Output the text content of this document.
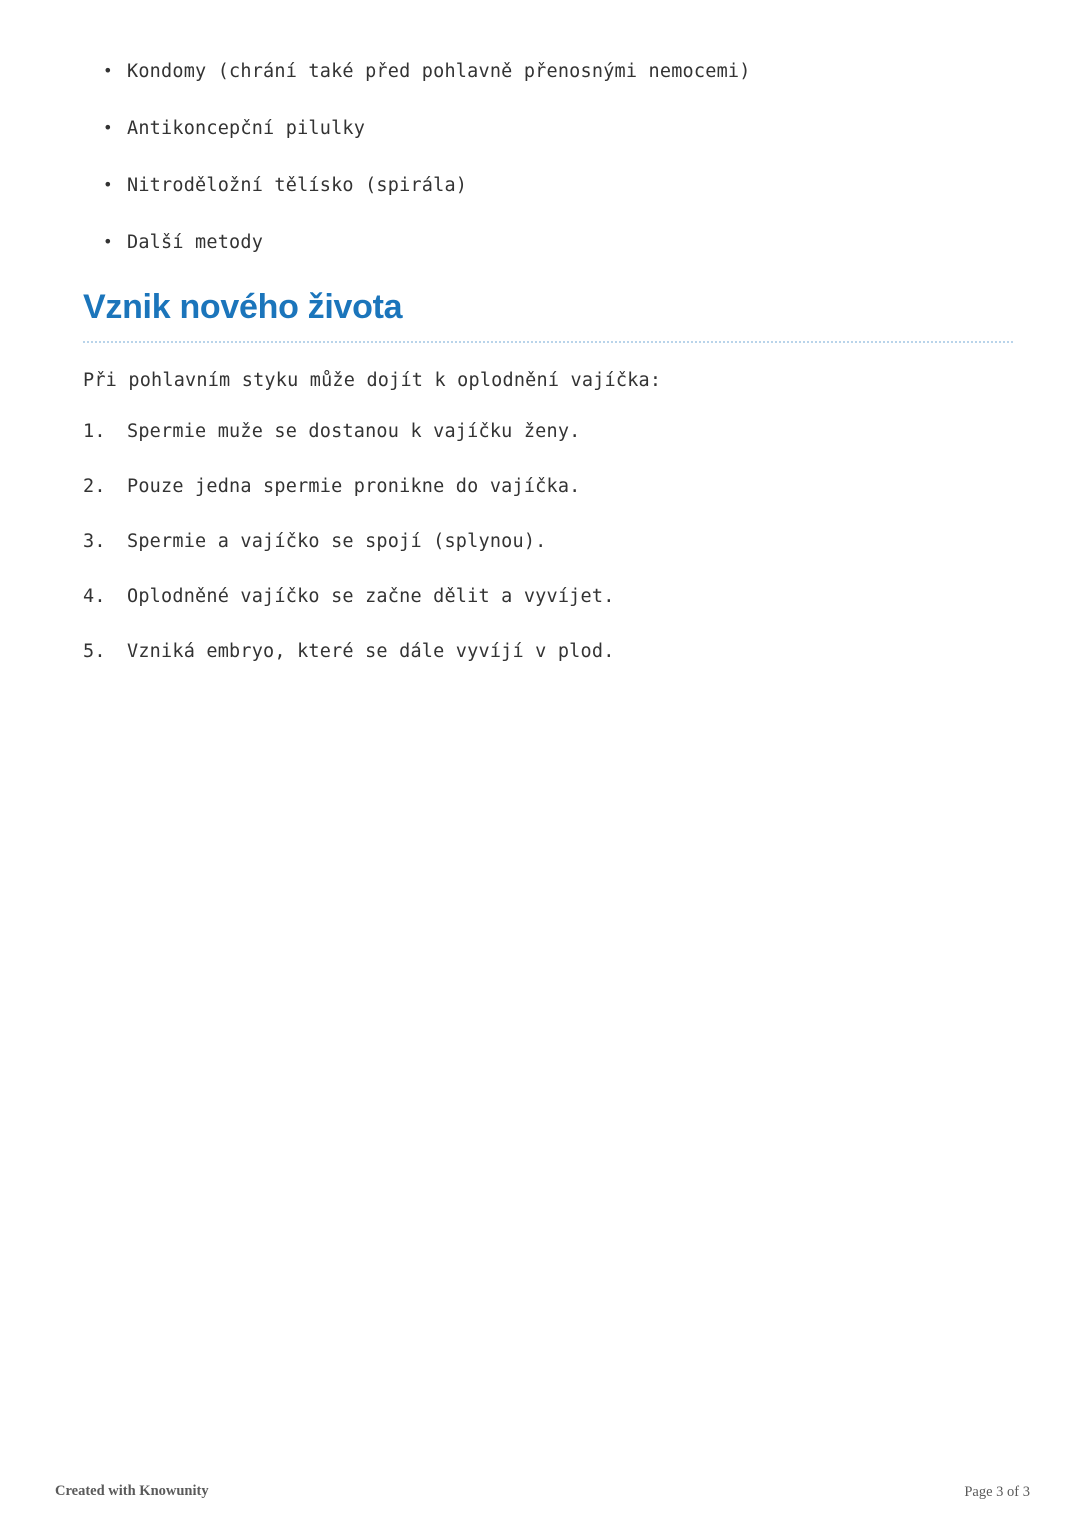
• Kondomy (chrání také před pohlavně přenosnými nemocemi)
• Antikoncepční pilulky
• Nitroděložní tělísko (spirála)
• Další metody
Vznik nového života

Při pohlavním styku může dojít k oplodnění vajíčka:

Spermie muže se dostanou k vajíčku ženy.
Pouze jedna spermie pronikne do vajíčka.
Spermie a vajíčko se spojí (splynou).
Oplodněné vajíčko se začne dělit a vyvíjet.
Vzniká embryo, které se dále vyvíjí v plod.
Created with Knowunity	Page 3 of 3
